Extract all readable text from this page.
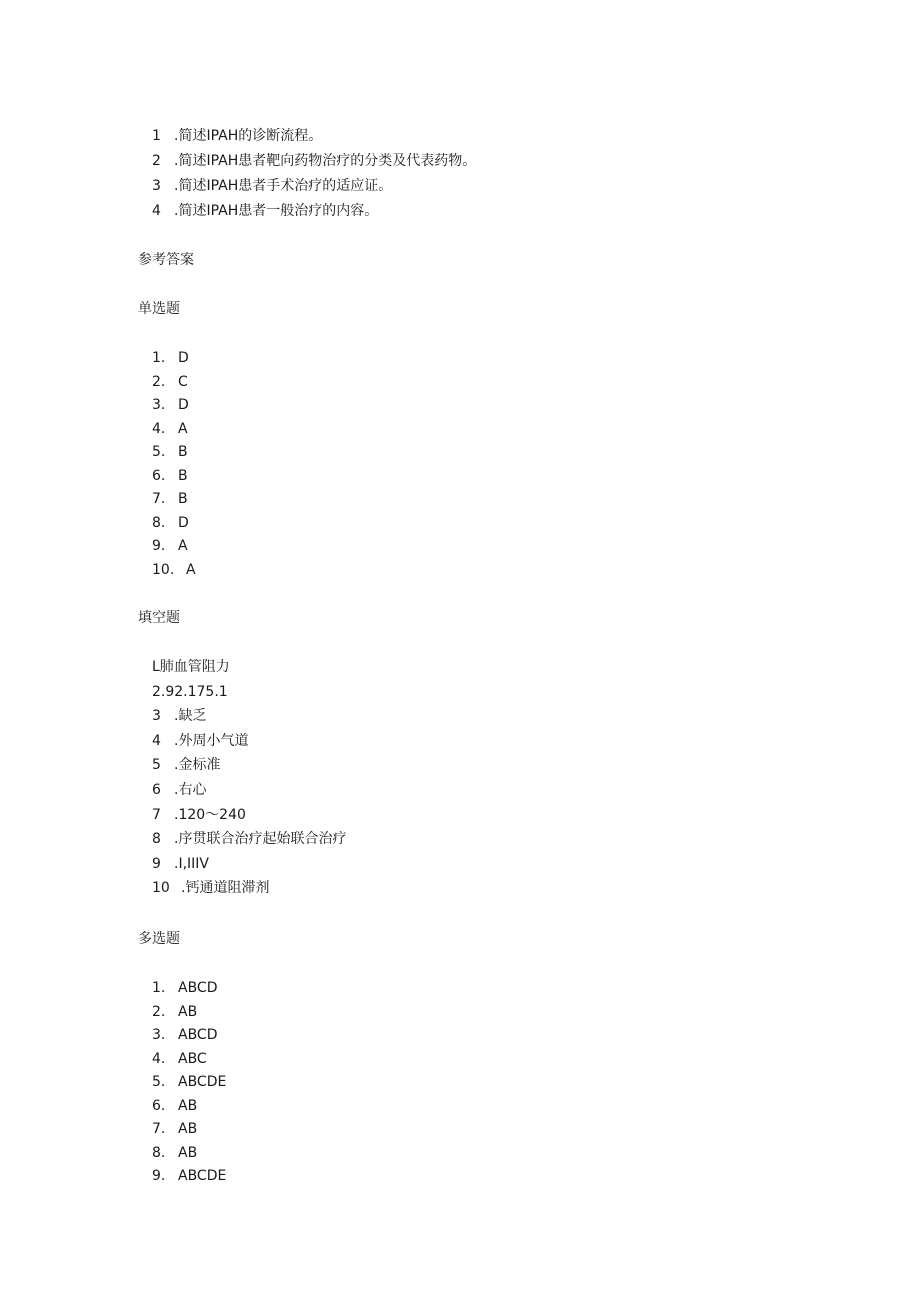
1 .简述IPAH的诊断流程。
2 .简述IPAH患者靶向药物治疗的分类及代表药物。
3 .简述IPAH患者手术治疗的适应证。
4 .简述IPAH患者一般治疗的内容。
参考答案
单选题
1. D
2. C
3. D
4. A
5. B
6. B
7. B
8. D
9. A
10. A
填空题
L肺血管阻力
2.92.175.1
3 .缺乏
4 .外周小气道
5 .金标准
6 .右心
7 .120～240
8 .序贯联合治疗起始联合治疗
9 .I,IIIV
10 .钙通道阻滞剂
多选题
1. ABCD
2. AB
3. ABCD
4. ABC
5. ABCDE
6. AB
7. AB
8. AB
9. ABCDE
